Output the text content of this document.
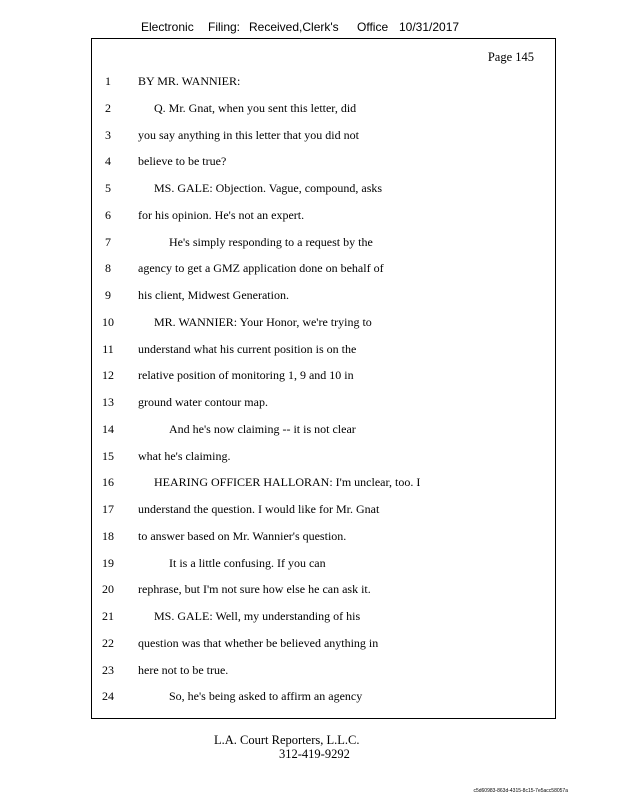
Electronic Filing: Received,Clerk's Office 10/31/2017
Page 145
1	BY MR. WANNIER:
2	Q. Mr. Gnat, when you sent this letter, did
3	you say anything in this letter that you did not
4	believe to be true?
5	MS. GALE: Objection. Vague, compound, asks
6	for his opinion. He's not an expert.
7	He's simply responding to a request by the
8	agency to get a GMZ application done on behalf of
9	his client, Midwest Generation.
10	MR. WANNIER: Your Honor, we're trying to
11	understand what his current position is on the
12	relative position of monitoring 1, 9 and 10 in
13	ground water contour map.
14	And he's now claiming -- it is not clear
15	what he's claiming.
16	HEARING OFFICER HALLORAN: I'm unclear, too. I
17	understand the question. I would like for Mr. Gnat
18	to answer based on Mr. Wannier's question.
19	It is a little confusing. If you can
20	rephrase, but I'm not sure how else he can ask it.
21	MS. GALE: Well, my understanding of his
22	question was that whether be believed anything in
23	here not to be true.
24	So, he's being asked to affirm an agency
L.A. Court Reporters, L.L.C.
312-419-9292
c5d60983-863d-4315-8c15-7e5acc58057a
